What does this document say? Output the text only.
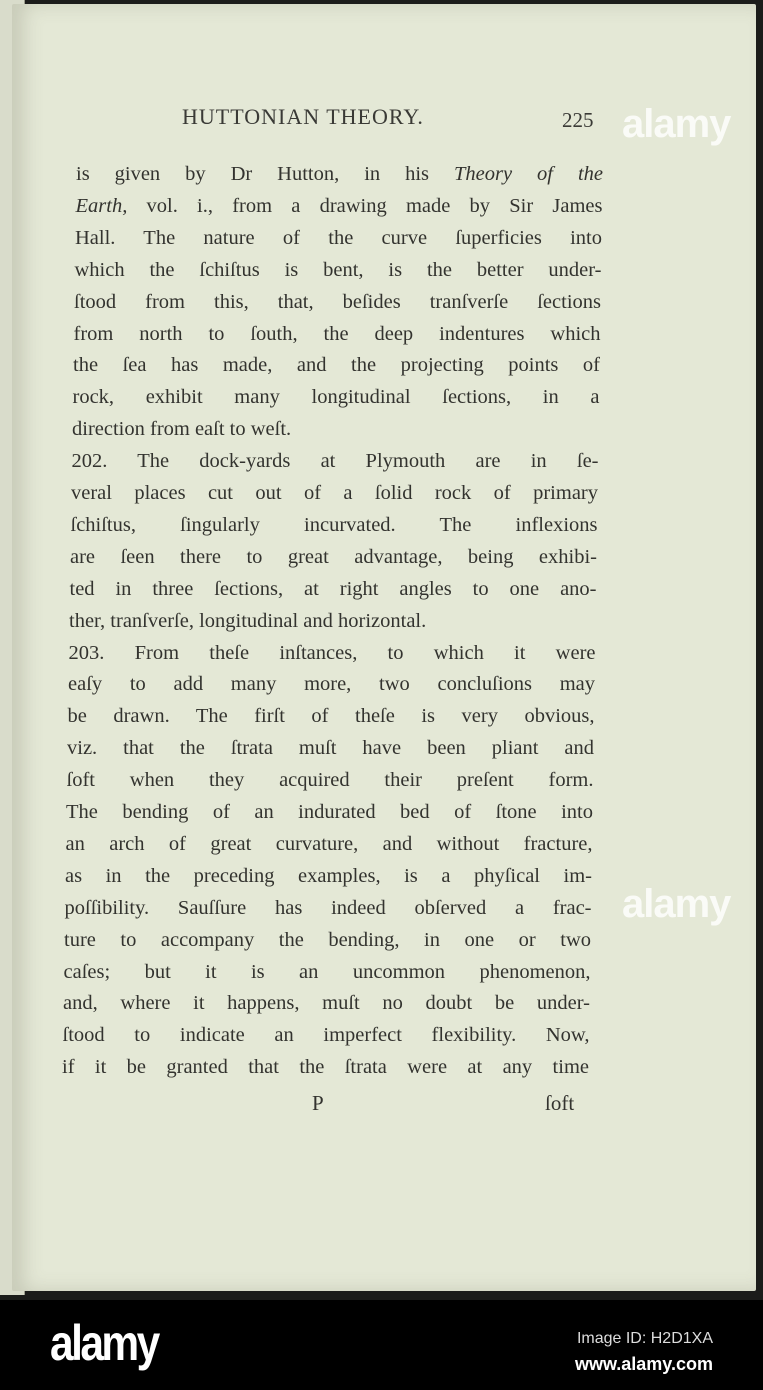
HUTTONIAN THEORY.	225
is given by Dr Hutton, in his Theory of the
Earth, vol. i., from a drawing made by Sir James
Hall. The nature of the curve ſuperficies into
which the ſchiſtus is bent, is the better under-
ſtood from this, that, beſides tranſverſe ſections
from north to ſouth, the deep indentures which
the ſea has made, and the projecting points of
rock, exhibit many longitudinal ſections, in a
direction from eaſt to weſt.
202. The dock-yards at Plymouth are in ſe-
veral places cut out of a ſolid rock of primary
ſchiſtus, ſingularly incurvated. The inflexions
are ſeen there to great advantage, being exhibi-
ted in three ſections, at right angles to one ano-
ther, tranſverſe, longitudinal and horizontal.
203. From theſe inſtances, to which it were
eaſy to add many more, two concluſions may
be drawn. The firſt of theſe is very obvious,
viz. that the ſtrata muſt have been pliant and
ſoft when they acquired their preſent form.
The bending of an indurated bed of ſtone into
an arch of great curvature, and without fracture,
as in the preceding examples, is a phyſical im-
poſſibility. Sauſſure has indeed obſerved a frac-
ture to accompany the bending, in one or two
caſes; but it is an uncommon phenomenon,
and, where it happens, muſt no doubt be under-
ſtood to indicate an imperfect flexibility. Now,
if it be granted that the ſtrata were at any time
P	ſoft
alamy
alamy
alamy	Image ID: H2D1XA
www.alamy.com
